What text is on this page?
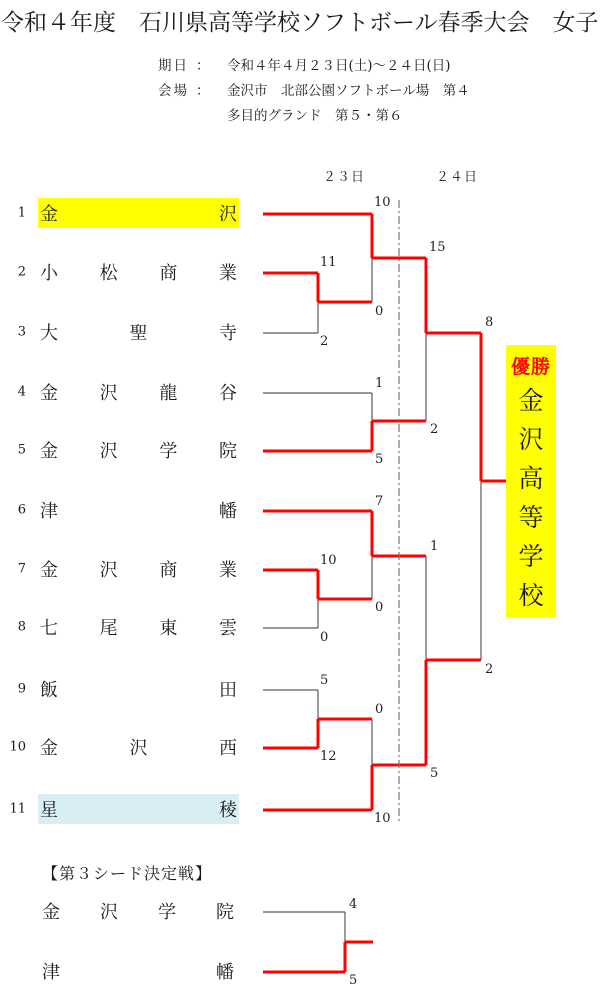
令和４年度　石川県高等学校ソフトボール春季大会　女子
期日 ： 令和４年４月２３日(土)～２４日(日)
会場 ： 金沢市　北部公園ソフトボール場　第４
多目的グランド　第５・第６
２３日	２４日
1 金	沢
2 小 松 商 業
3 大	聖	寺
4 金 沢 龍 谷
5 金 沢 学 院
6 津	幡
7 金 沢 商 業
8 七 尾 東 雲
9 飯	田
10 金	沢	西
11 星	稜
10
11
2
0
1
5
15
2
7
10
0
0
1
5
12
0
10
5
8
2
4
5
優勝
金
沢
高
等
学
校
【第３シード決定戦】
金 沢 学 院
津	幡
